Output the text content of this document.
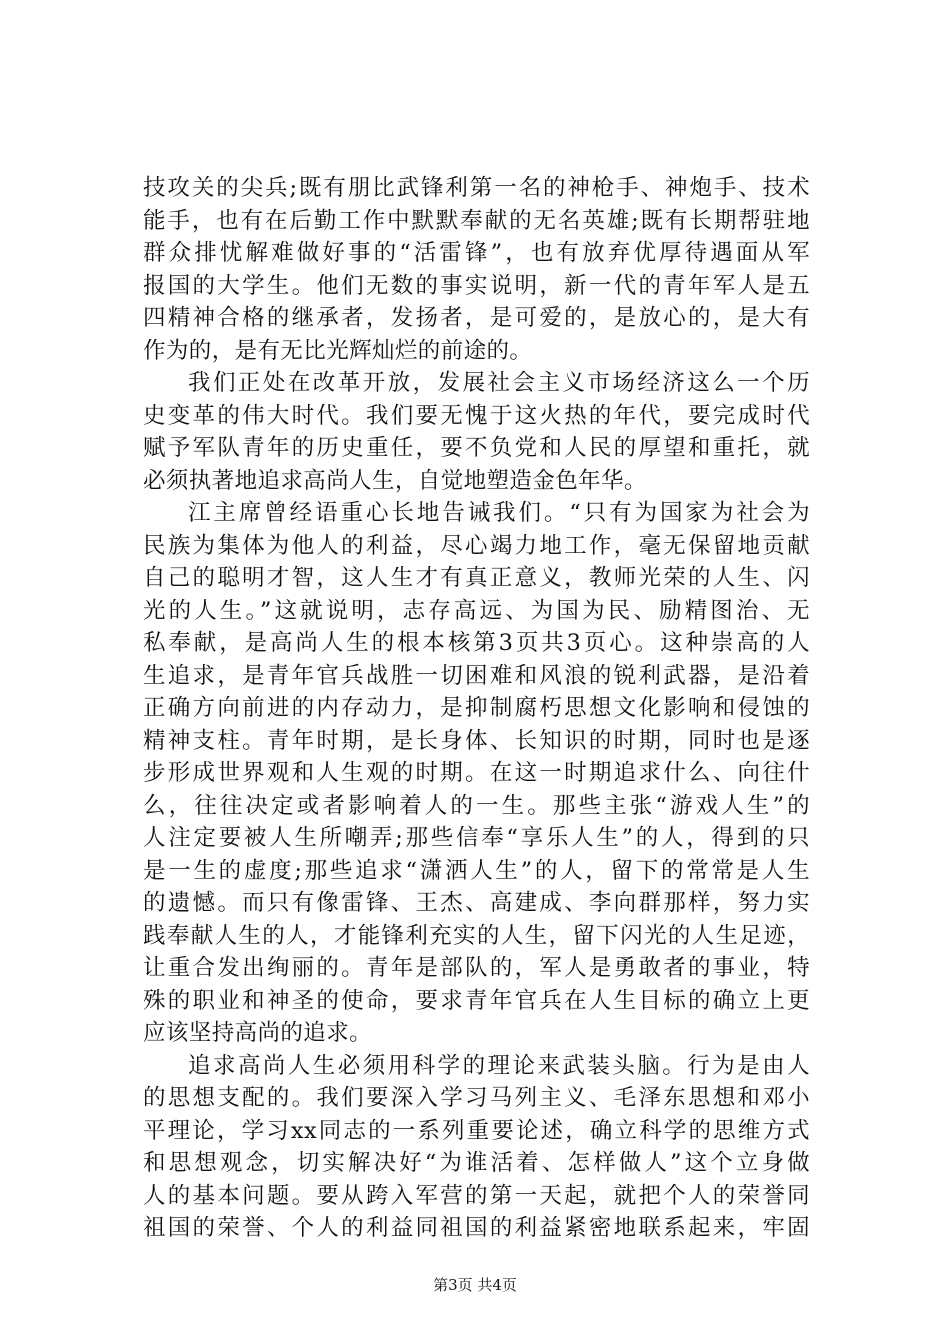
技攻关的尖兵;既有朋比武锋利第一名的神枪手、神炮手、技术
能手，也有在后勤工作中默默奉献的无名英雄;既有长期帮驻地
群众排忧解难做好事的“活雷锋”，也有放弃优厚待遇面从军
报国的大学生。他们无数的事实说明，新一代的青年军人是五
四精神合格的继承者，发扬者，是可爱的，是放心的，是大有
作为的，是有无比光辉灿烂的前途的。
我们正处在改革开放，发展社会主义市场经济这么一个历
史变革的伟大时代。我们要无愧于这火热的年代，要完成时代
赋予军队青年的历史重任，要不负党和人民的厚望和重托，就
必须执著地追求高尚人生，自觉地塑造金色年华。
江主席曾经语重心长地告诫我们。“只有为国家为社会为
民族为集体为他人的利益，尽心竭力地工作，毫无保留地贡献
自己的聪明才智，这人生才有真正意义，教师光荣的人生、闪
光的人生。”这就说明，志存高远、为国为民、励精图治、无
私奉献，是高尚人生的根本核第3页共3页心。这种崇高的人
生追求，是青年官兵战胜一切困难和风浪的锐利武器，是沿着
正确方向前进的内存动力，是抑制腐朽思想文化影响和侵蚀的
精神支柱。青年时期，是长身体、长知识的时期，同时也是逐
步形成世界观和人生观的时期。在这一时期追求什么、向往什
么，往往决定或者影响着人的一生。那些主张“游戏人生”的
人注定要被人生所嘲弄;那些信奉“享乐人生”的人，得到的只
是一生的虚度;那些追求“潇洒人生”的人，留下的常常是人生
的遗憾。而只有像雷锋、王杰、高建成、李向群那样，努力实
践奉献人生的人，才能锋利充实的人生，留下闪光的人生足迹，
让重合发出绚丽的。青年是部队的，军人是勇敢者的事业，特
殊的职业和神圣的使命，要求青年官兵在人生目标的确立上更
应该坚持高尚的追求。
追求高尚人生必须用科学的理论来武装头脑。行为是由人
的思想支配的。我们要深入学习马列主义、毛泽东思想和邓小
平理论，学习xx同志的一系列重要论述，确立科学的思维方式
和思想观念，切实解决好“为谁活着、怎样做人”这个立身做
人的基本问题。要从跨入军营的第一天起，就把个人的荣誉同
祖国的荣誉、个人的利益同祖国的利益紧密地联系起来，牢固
第3页 共4页
